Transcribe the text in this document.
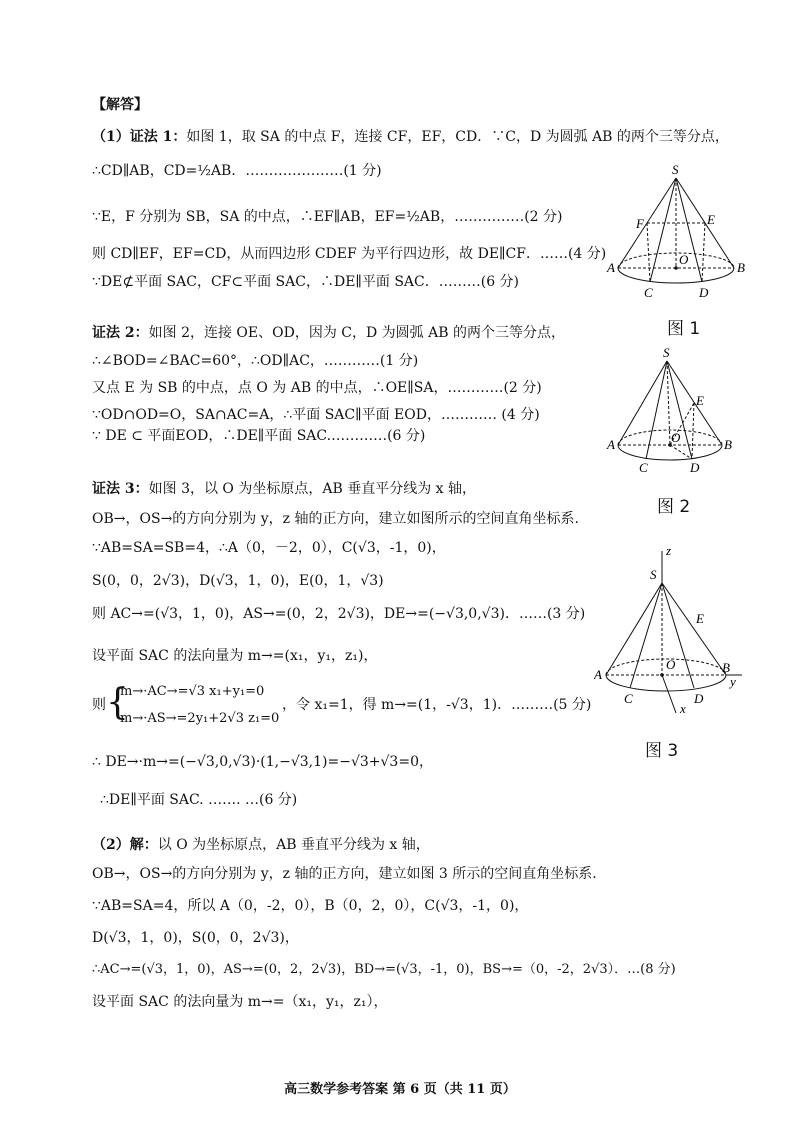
【解答】
（1）证法 1：如图 1，取 SA 的中点 F，连接 CF，EF，CD．∵C，D 为圆弧 AB 的两个三等分点，
∴CD∥AB，CD=½AB．…………………(1 分)
∵E，F 分别为 SB，SA 的中点，∴EF∥AB，EF=½AB，……………(2 分)
则 CD∥EF，EF=CD，从而四边形 CDEF 为平行四边形，故 DE∥CF．……(4 分)
∵DE⊄平面 SAC，CF⊂平面 SAC，∴DE∥平面 SAC．………(6 分)
证法 2：如图 2，连接 OE、OD，因为 C，D 为圆弧 AB 的两个三等分点，
∴∠BOD=∠BAC=60°，∴OD∥AC，…………(1 分)
又点 E 为 SB 的中点，点 O 为 AB 的中点，∴OE∥SA，…………(2 分)
∵OD∩OD=O，SA∩AC=A，∴平面 SAC∥平面 EOD，………… (4 分)
∵ DE ⊂ 平面EOD，∴DE∥平面 SAC.…………(6 分)
证法 3：如图 3，以 O 为坐标原点，AB 垂直平分线为 x 轴，
OB→，OS→的方向分别为 y，z 轴的正方向，建立如图所示的空间直角坐标系.
∵AB=SA=SB=4，∴A（0，－2，0），C(√3，-1，0)，
S(0，0，2√3)，D(√3，1，0)，E(0，1，√3)
则 AC→=(√3，1，0)，AS→=(0，2，2√3)，DE→=(−√3,0,√3)．……(3 分)
设平面 SAC 的法向量为 m→=(x₁，y₁，z₁)，
则 {
m→·AC→=√3 x₁+y₁=0
m→·AS→=2y₁+2√3 z₁=0
，令 x₁=1，得 m→=(1，-√3，1)．………(5 分)
∴ DE→·m→=(−√3,0,√3)·(1,−√3,1)=−√3+√3=0，
∴DE∥平面 SAC. ……. …(6 分)
（2）解：以 O 为坐标原点，AB 垂直平分线为 x 轴，
OB→，OS→的方向分别为 y，z 轴的正方向，建立如图 3 所示的空间直角坐标系.
∵AB=SA=4，所以 A（0，-2，0），B（0，2，0），C(√3，-1，0)，
D(√3，1，0)，S(0，0，2√3)，
∴AC→=(√3，1，0)，AS→=(0，2，2√3)，BD→=(√3，-1，0)，BS→=（0，-2，2√3）．…(8 分)
设平面 SAC 的法向量为 m→=（x₁，y₁，z₁），
S
F	E
A
O
B
C	D
图 1
S
E
O
A	B
C	D
图 2
z
S
E
O
A	B
y
C	D
x
图 3
高三数学参考答案 第 6 页（共 11 页）
